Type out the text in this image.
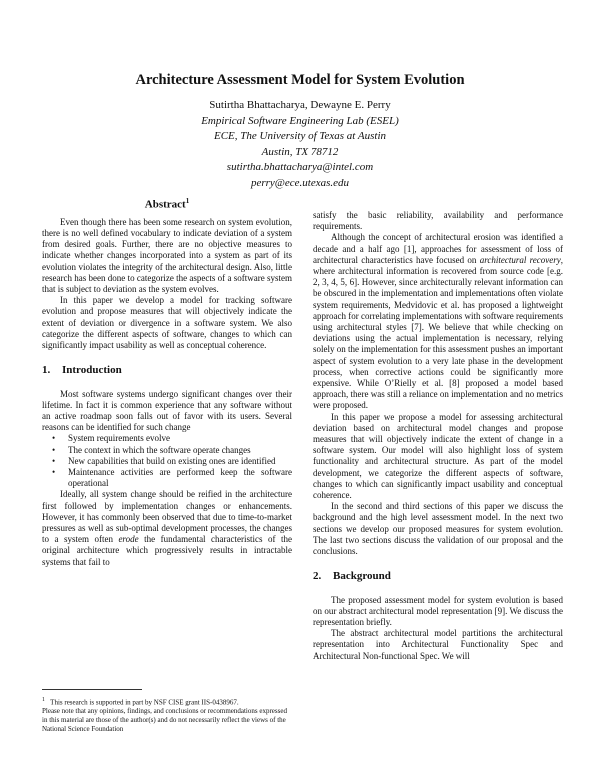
Architecture Assessment Model for System Evolution
Sutirtha Bhattacharya, Dewayne E. Perry
Empirical Software Engineering Lab (ESEL)
ECE, The University of Texas at Austin
Austin, TX 78712
sutirtha.bhattacharya@intel.com
perry@ece.utexas.edu
Abstract$^1$

Even though there has been some research on system evolution, there is no well defined vocabulary to indicate deviation of a system from desired goals. Further, there are no objective measures to indicate whether changes incorporated into a system as part of its evolution violates the integrity of the architectural design. Also, little research has been done to categorize the aspects of a software system that is subject to deviation as the system evolves.

In this paper we develop a model for tracking software evolution and propose measures that will objectively indicate the extent of deviation or divergence in a software system. We also categorize the different aspects of software, changes to which can significantly impact usability as well as conceptual coherence.

1. Introduction

Most software systems undergo significant changes over their lifetime. In fact it is common experience that any software without an active roadmap soon falls out of favor with its users. Several reasons can be identified for such change

• System requirements evolve
• The context in which the software operate changes
• New capabilities that build on existing ones are identified
• Maintenance activities are performed keep the software operational

Ideally, all system change should be reified in the architecture first followed by implementation changes or enhancements. However, it has commonly been observed that due to time-to-market pressures as well as sub-optimal development processes, the changes to a system often erode the fundamental characteristics of the original architecture which progressively results in intractable systems that fail to

satisfy the basic reliability, availability and performance requirements.

Although the concept of architectural erosion was identified a decade and a half ago [1], approaches for assessment of loss of architectural characteristics have focused on architectural recovery, where architectural information is recovered from source code [e.g. 2, 3, 4, 5, 6]. However, since architecturally relevant information can be obscured in the implementation and implementations often violate system requirements, Medvidovic et al. has proposed a lightweight approach for correlating implementations with software requirements using architectural styles [7]. We believe that while checking on deviations using the actual implementation is necessary, relying solely on the implementation for this assessment pushes an important aspect of system evolution to a very late phase in the development process, when corrective actions could be significantly more expensive. While O’Rielly et al. [8] proposed a model based approach, there was still a reliance on implementation and no metrics were proposed.

In this paper we propose a model for assessing architectural deviation based on architectural model changes and propose measures that will objectively indicate the extent of change in a software system. Our model will also highlight loss of system functionality and architectural structure. As part of the model development, we categorize the different aspects of software, changes to which can significantly impact usability and conceptual coherence.

In the second and third sections of this paper we discuss the background and the high level assessment model. In the next two sections we develop our proposed measures for system evolution. The last two sections discuss the validation of our proposal and the conclusions.

2. Background

The proposed assessment model for system evolution is based on our abstract architectural model representation [9]. We discuss the representation briefly.

The abstract architectural model partitions the architectural representation into Architectural Functionality Spec and Architectural Non-functional Spec. We will

$^1$ This research is supported in part by NSF CISE grant IIS-0438967.

Please note that any opinions, findings, and conclusions or recommendations expressed in this material are those of the author(s) and do not necessarily reflect the views of the National Science Foundation
